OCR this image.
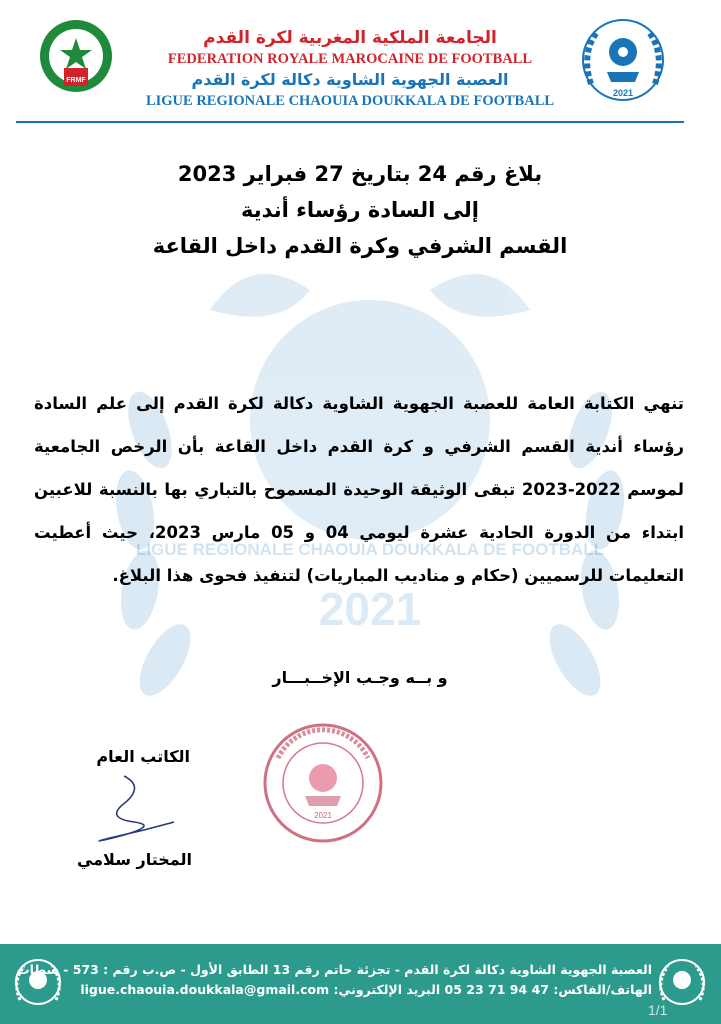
LIGUE REGIONALE CHAOUIA DOUKKALA DE FOOTBALL
2021
FRMF
2021
الجامعة الملكية المغربية لكرة القدم
FEDERATION ROYALE MAROCAINE DE FOOTBALL
العصبة الجهوية الشاوية دكالة لكرة القدم
LIGUE REGIONALE CHAOUIA DOUKKALA DE FOOTBALL
بلاغ رقم 24 بتاريخ 27 فبراير 2023
إلى السادة رؤساء أندية
القسم الشرفي وكرة القدم داخل القاعة
تنهي الكتابة العامة للعصبة الجهوية الشاوية دكالة لكرة القدم إلى علم السادة رؤساء أندية القسم الشرفي و كرة القدم داخل القاعة بأن الرخص الجامعية لموسم 2022-2023 تبقى الوثيقة الوحيدة المسموح بالتباري بها بالنسبة للاعبين ابتداء من الدورة الحادية عشرة ليومي 04 و 05 مارس 2023، حيث أعطيت التعليمات للرسميين (حكام و مناديب المباريات) لتنفيذ فحوى هذا البلاغ.
و بــه وجـب الإخــبـــار
الكاتب العام
المختار سلامي
2021
العصبة الجهوية الشاوية دكالة لكرة القدم - تجزئة حاتم رقم 13 الطابق الأول - ص.ب رقم : 573 - سطات
الهاتف/الفاكس: 47 94 71 23 05 البريد الإلكتروني: ligue.chaouia.doukkala@gmail.com
1/1
